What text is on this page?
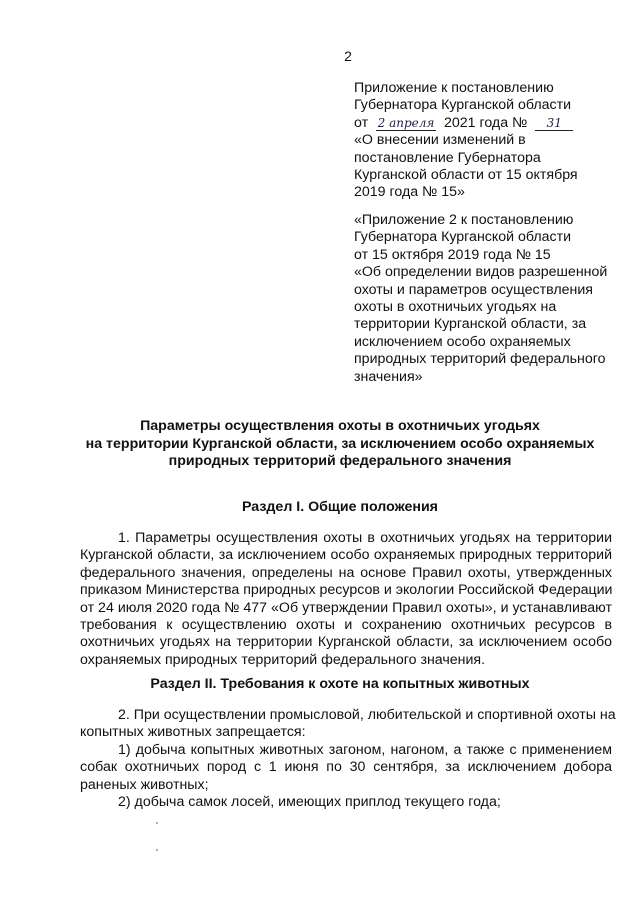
2
Приложение к постановлению
Губернатора Курганской области
от 2 апреля 2021 года № 31
«О внесении изменений в
постановление Губернатора
Курганской области от 15 октября
2019 года № 15»
«Приложение 2 к постановлению
Губернатора Курганской области
от 15 октября 2019 года № 15
«Об определении видов разрешенной
охоты и параметров осуществления
охоты в охотничьих угодьях на
территории Курганской области, за
исключением особо охраняемых
природных территорий федерального
значения»
Параметры осуществления охоты в охотничьих угодьях
на территории Курганской области, за исключением особо охраняемых
природных территорий федерального значения
Раздел I. Общие положения
1. Параметры осуществления охоты в охотничьих угодьях на территории
Курганской области, за исключением особо охраняемых природных территорий
федерального значения, определены на основе Правил охоты, утвержденных
приказом Министерства природных ресурсов и экологии Российской Федерации
от 24 июля 2020 года № 477 «Об утверждении Правил охоты», и устанавливают
требования к осуществлению охоты и сохранению охотничьих ресурсов в
охотничьих угодьях на территории Курганской области, за исключением особо
охраняемых природных территорий федерального значения.
Раздел II. Требования к охоте на копытных животных
2. При осуществлении промысловой, любительской и спортивной охоты на
копытных животных запрещается:
1) добыча копытных животных загоном, нагоном, а также с применением
собак охотничьих пород с 1 июня по 30 сентября, за исключением добора
раненых животных;
2) добыча самок лосей, имеющих приплод текущего года;
